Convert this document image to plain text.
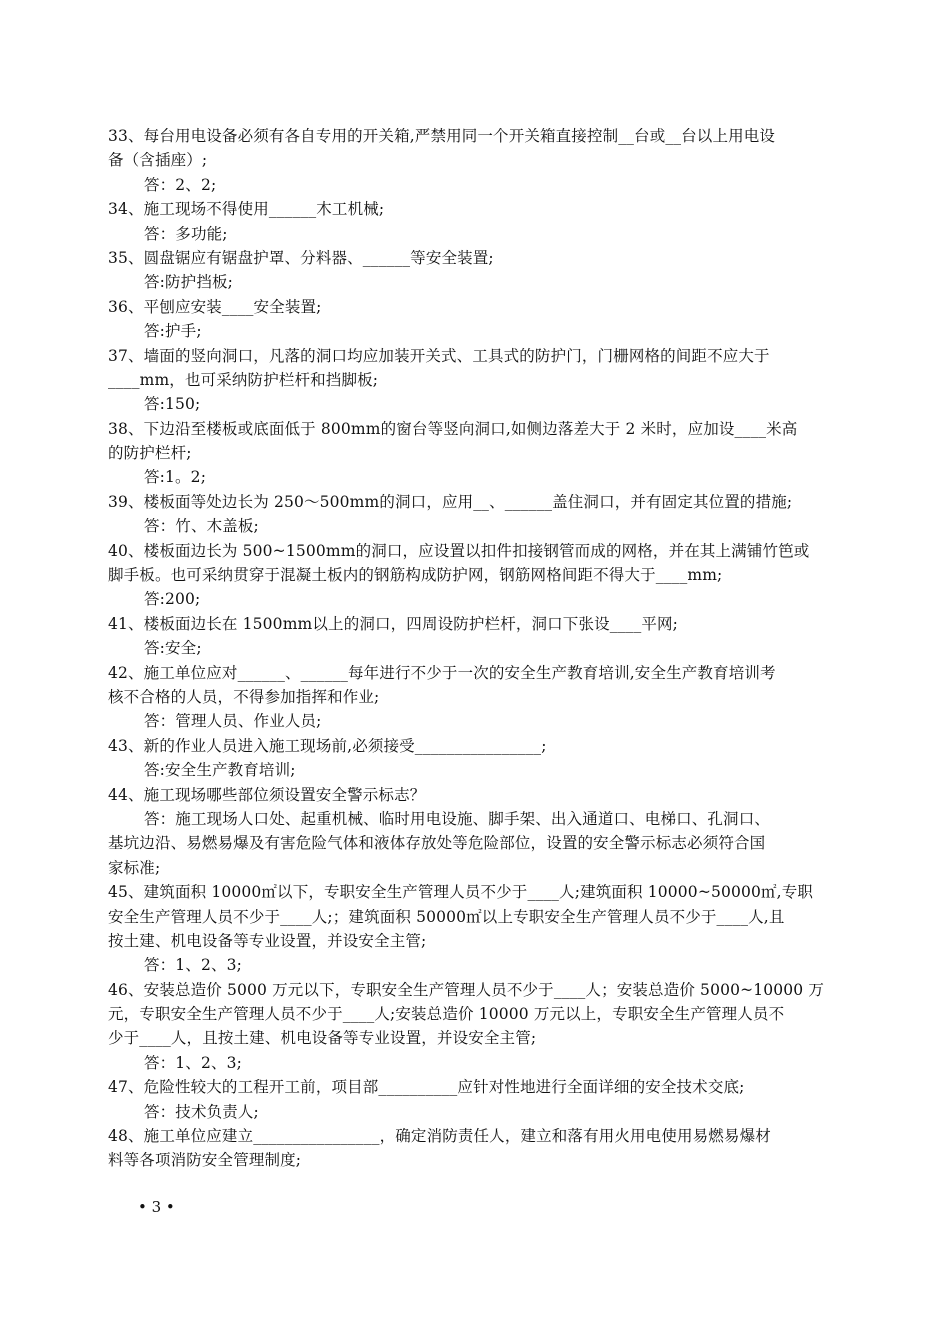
33、每台用电设备必须有各自专用的开关箱,严禁用同一个开关箱直接控制__台或__台以上用电设
备（含插座）;
答：2、2;
34、施工现场不得使用______木工机械;
答：多功能;
35、圆盘锯应有锯盘护罩、分料器、______等安全装置;
答:防护挡板;
36、平刨应安装____安全装置;
答:护手;
37、墙面的竖向洞口，凡落的洞口均应加装开关式、工具式的防护门，门栅网格的间距不应大于
____mm，也可采纳防护栏杆和挡脚板;
答:150;
38、下边沿至楼板或底面低于 800mm的窗台等竖向洞口,如侧边落差大于 2 米时，应加设____米高
的防护栏杆;
答:1。2;
39、楼板面等处边长为 250～500mm的洞口，应用__、______盖住洞口，并有固定其位置的措施;
答：竹、木盖板;
40、楼板面边长为 500~1500mm的洞口，应设置以扣件扣接钢管而成的网格，并在其上满铺竹笆或
脚手板。也可采纳贯穿于混凝土板内的钢筋构成防护网，钢筋网格间距不得大于____mm;
答:200;
41、楼板面边长在 1500mm以上的洞口，四周设防护栏杆，洞口下张设____平网;
答:安全;
42、施工单位应对______、______每年进行不少于一次的安全生产教育培训,安全生产教育培训考
核不合格的人员，不得参加指挥和作业;
答：管理人员、作业人员;
43、新的作业人员进入施工现场前,必须接受________________;
答:安全生产教育培训;
44、施工现场哪些部位须设置安全警示标志？
答：施工现场人口处、起重机械、临时用电设施、脚手架、出入通道口、电梯口、孔洞口、
基坑边沿、易燃易爆及有害危险气体和液体存放处等危险部位，设置的安全警示标志必须符合国
家标准;
45、建筑面积 10000㎡以下，专职安全生产管理人员不少于____人;建筑面积 10000~50000㎡,专职
安全生产管理人员不少于____人;；建筑面积 50000㎡以上专职安全生产管理人员不少于____人,且
按土建、机电设备等专业设置，并设安全主管;
答：1、2、3;
46、安装总造价 5000 万元以下，专职安全生产管理人员不少于____人；安装总造价 5000~10000 万
元，专职安全生产管理人员不少于____人;安装总造价 10000 万元以上，专职安全生产管理人员不
少于____人，且按土建、机电设备等专业设置，并设安全主管;
答：1、2、3;
47、危险性较大的工程开工前，项目部__________应针对性地进行全面详细的安全技术交底;
答：技术负责人;
48、施工单位应建立________________，确定消防责任人，建立和落有用火用电使用易燃易爆材
料等各项消防安全管理制度;
• 3 •
